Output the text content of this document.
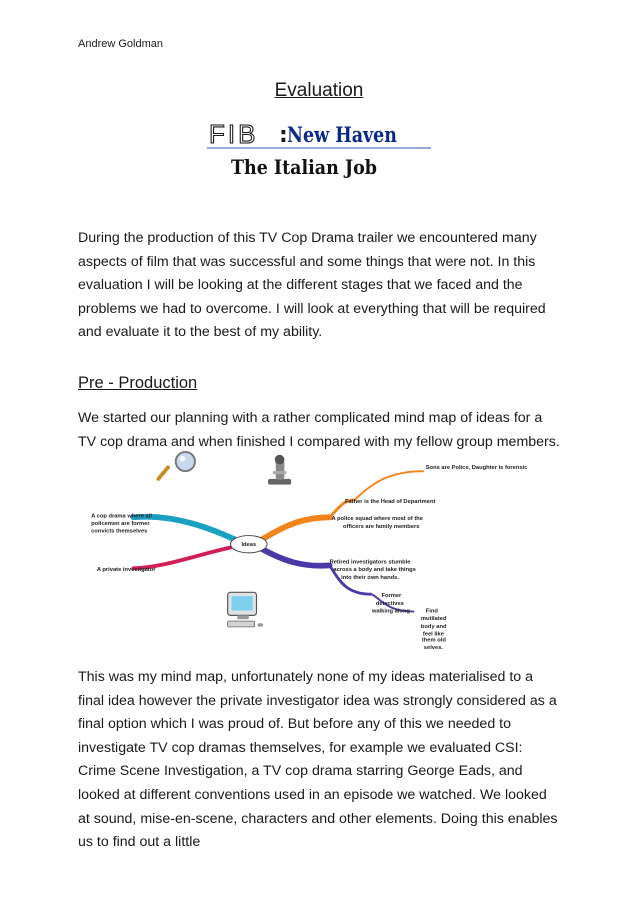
Andrew Goldman
Evaluation
FIB : New Haven
The Italian Job
During the production of this TV Cop Drama trailer we encountered many aspects of film that was successful and some things that were not. In this evaluation I will be looking at the different stages that we faced and the problems we had to overcome. I will look at everything that will be required and evaluate it to the best of my ability.
Pre - Production
We started our planning with a rather complicated mind map of ideas for a TV cop drama and when finished I compared with my fellow group members.
Ideas
Sons are Police, Daughter is forensic
Father is the Head of Department
A police squad where most of the
officers are family members
A cop drama where all
policemen are former
convicts themselves
A private investigator
Retired investigators stumble
across a body and take things
into their own hands.
Former
detectives
walking along	Find
mutilated
body and
feel like
them old
selves.
This was my mind map, unfortunately none of my ideas materialised to a final idea however the private investigator idea was strongly considered as a final option which I was proud of. But before any of this we needed to investigate TV cop dramas themselves, for example we evaluated CSI: Crime Scene Investigation, a TV cop drama starring George Eads, and looked at different conventions used in an episode we watched. We looked at sound, mise-en-scene, characters and other elements. Doing this enables us to find out a little
